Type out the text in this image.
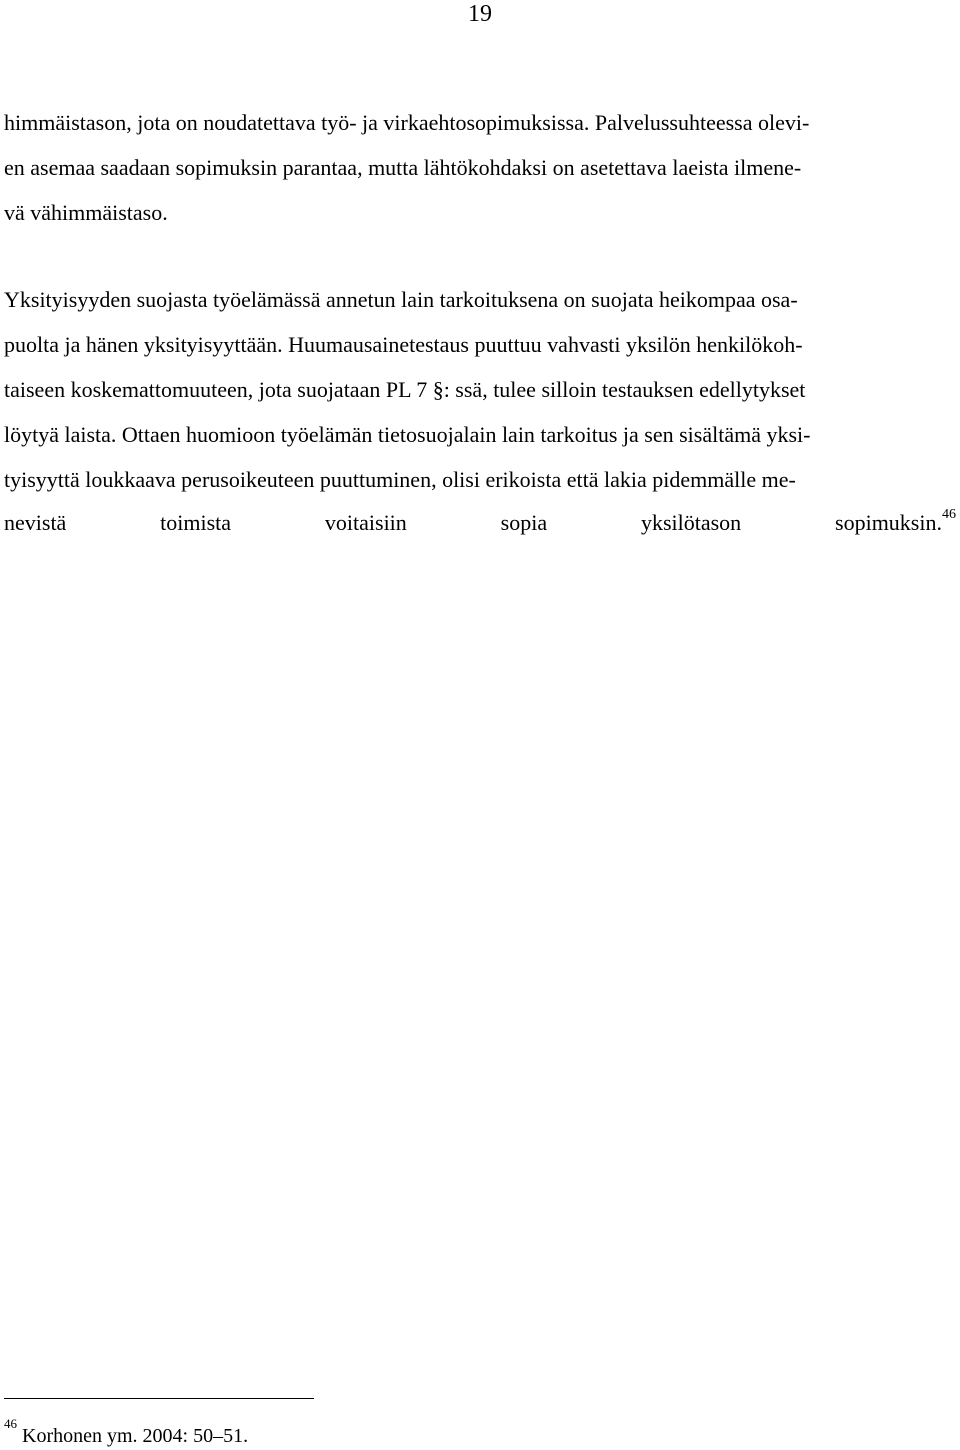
19
himmäistason, jota on noudatettava työ- ja virkaehtosopimuksissa. Palvelussuhteessa olevi-
en asemaa saadaan sopimuksin parantaa, mutta lähtökohdaksi on asetettava laeista ilmene-
vä vähimmäistaso.
Yksityisyyden suojasta työelämässä annetun lain tarkoituksena on suojata heikompaa osa-
puolta ja hänen yksityisyyttään. Huumausainetestaus puuttuu vahvasti yksilön henkilökoh-
taiseen koskemattomuuteen, jota suojataan PL 7 §: ssä, tulee silloin testauksen edellytykset
löytyä laista. Ottaen huomioon työelämän tietosuojalain lain tarkoitus ja sen sisältämä yksi-
tyisyyttä loukkaava perusoikeuteen puuttuminen, olisi erikoista että lakia pidemmälle me-
nevistä	toimista	voitaisiin	sopia	yksilötason	sopimuksin.$^{46}$
$^{46}$ Korhonen ym. 2004: 50–51.
